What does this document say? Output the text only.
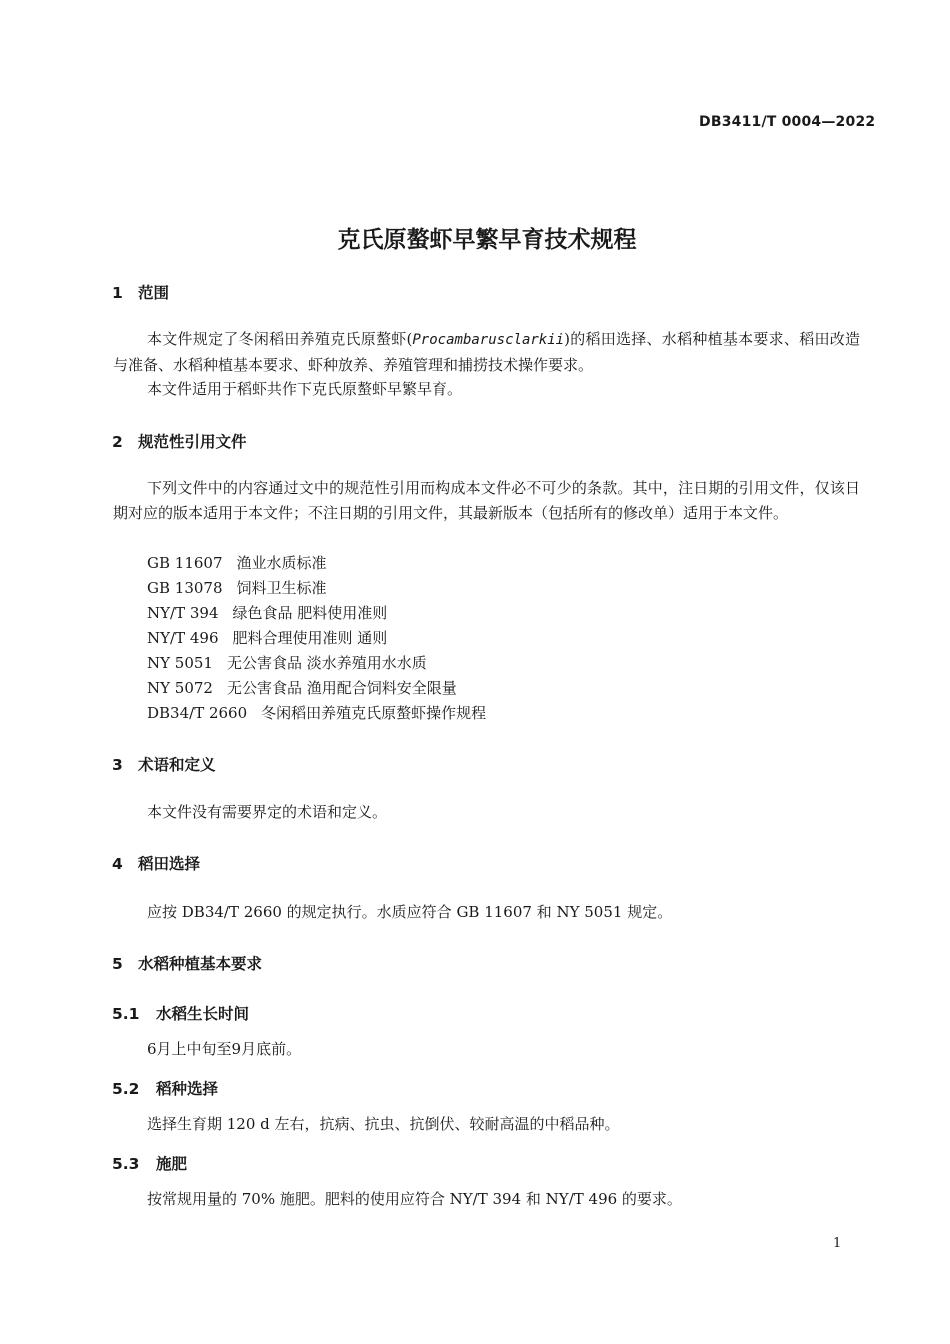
DB3411/T 0004—2022
克氏原螯虾早繁早育技术规程
1 范围
本文件规定了冬闲稻田养殖克氏原螯虾(Procambarusclarkii)的稻田选择、水稻种植基本要求、稻田改造与准备、水稻种植基本要求、虾种放养、养殖管理和捕捞技术操作要求。
本文件适用于稻虾共作下克氏原螯虾早繁早育。
2 规范性引用文件
下列文件中的内容通过文中的规范性引用而构成本文件必不可少的条款。其中，注日期的引用文件，仅该日期对应的版本适用于本文件；不注日期的引用文件，其最新版本（包括所有的修改单）适用于本文件。
GB 11607 渔业水质标准
GB 13078 饲料卫生标准
NY/T 394 绿色食品 肥料使用准则
NY/T 496 肥料合理使用准则 通则
NY 5051 无公害食品 淡水养殖用水水质
NY 5072 无公害食品 渔用配合饲料安全限量
DB34/T 2660 冬闲稻田养殖克氏原螯虾操作规程
3 术语和定义
本文件没有需要界定的术语和定义。
4 稻田选择
应按 DB34/T 2660 的规定执行。水质应符合 GB 11607 和 NY 5051 规定。
5 水稻种植基本要求
5.1 水稻生长时间
6月上中旬至9月底前。
5.2 稻种选择
选择生育期 120 d 左右，抗病、抗虫、抗倒伏、较耐高温的中稻品种。
5.3 施肥
按常规用量的 70% 施肥。肥料的使用应符合 NY/T 394 和 NY/T 496 的要求。
1
